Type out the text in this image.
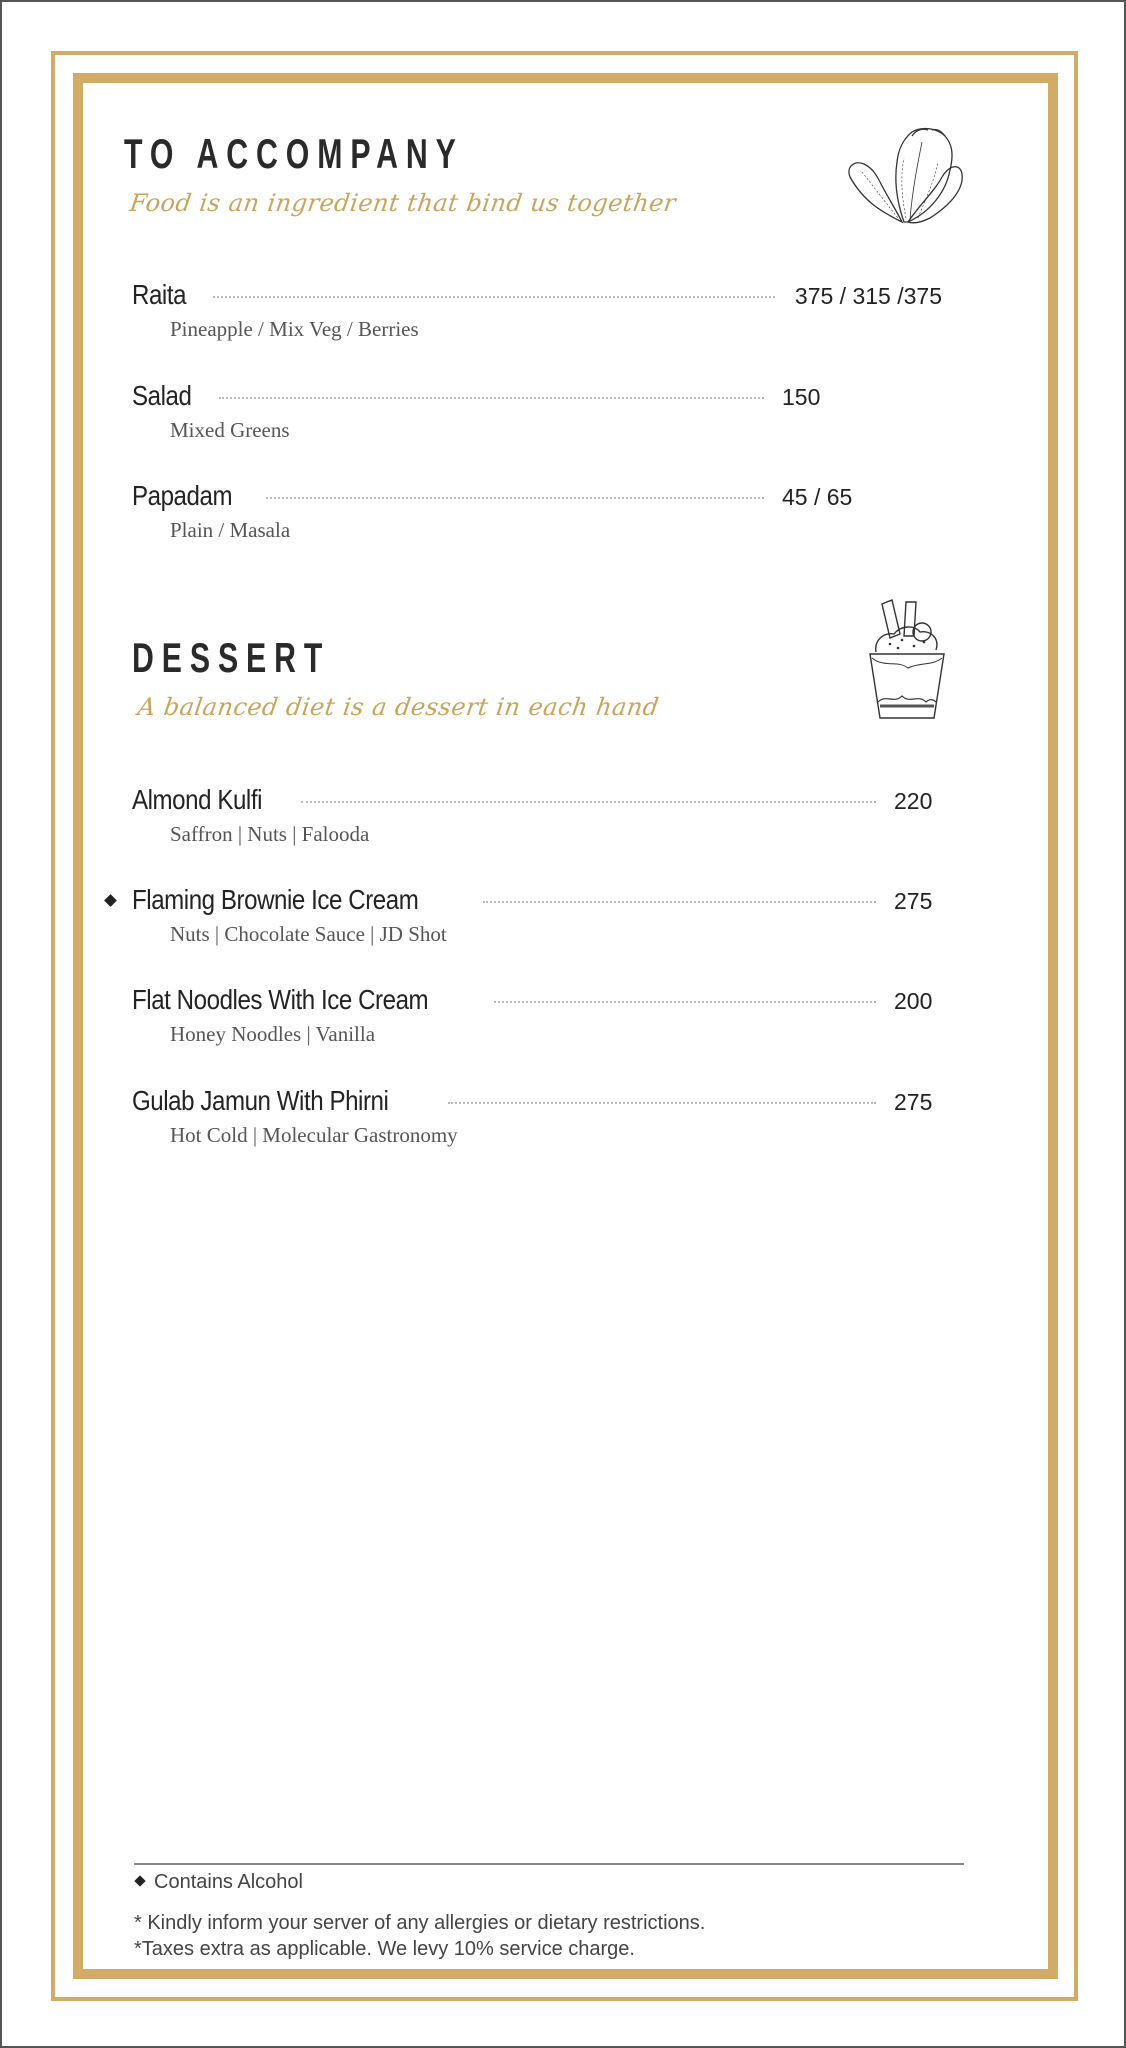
TO ACCOMPANY
Food is an ingredient that bind us together
Raita	375 / 315 /375
Pineapple / Mix Veg / Berries
Salad	150
Mixed Greens
Papadam	45 / 65
Plain / Masala
DESSERT
A balanced diet is a dessert in each hand
Almond Kulfi	220
Saffron | Nuts | Falooda
Flaming Brownie Ice Cream	275
Nuts | Chocolate Sauce | JD Shot
Flat Noodles With Ice Cream	200
Honey Noodles | Vanilla
Gulab Jamun With Phirni	275
Hot Cold | Molecular Gastronomy
Contains Alcohol
* Kindly inform your server of any allergies or dietary restrictions.
*Taxes extra as applicable. We levy 10% service charge.
